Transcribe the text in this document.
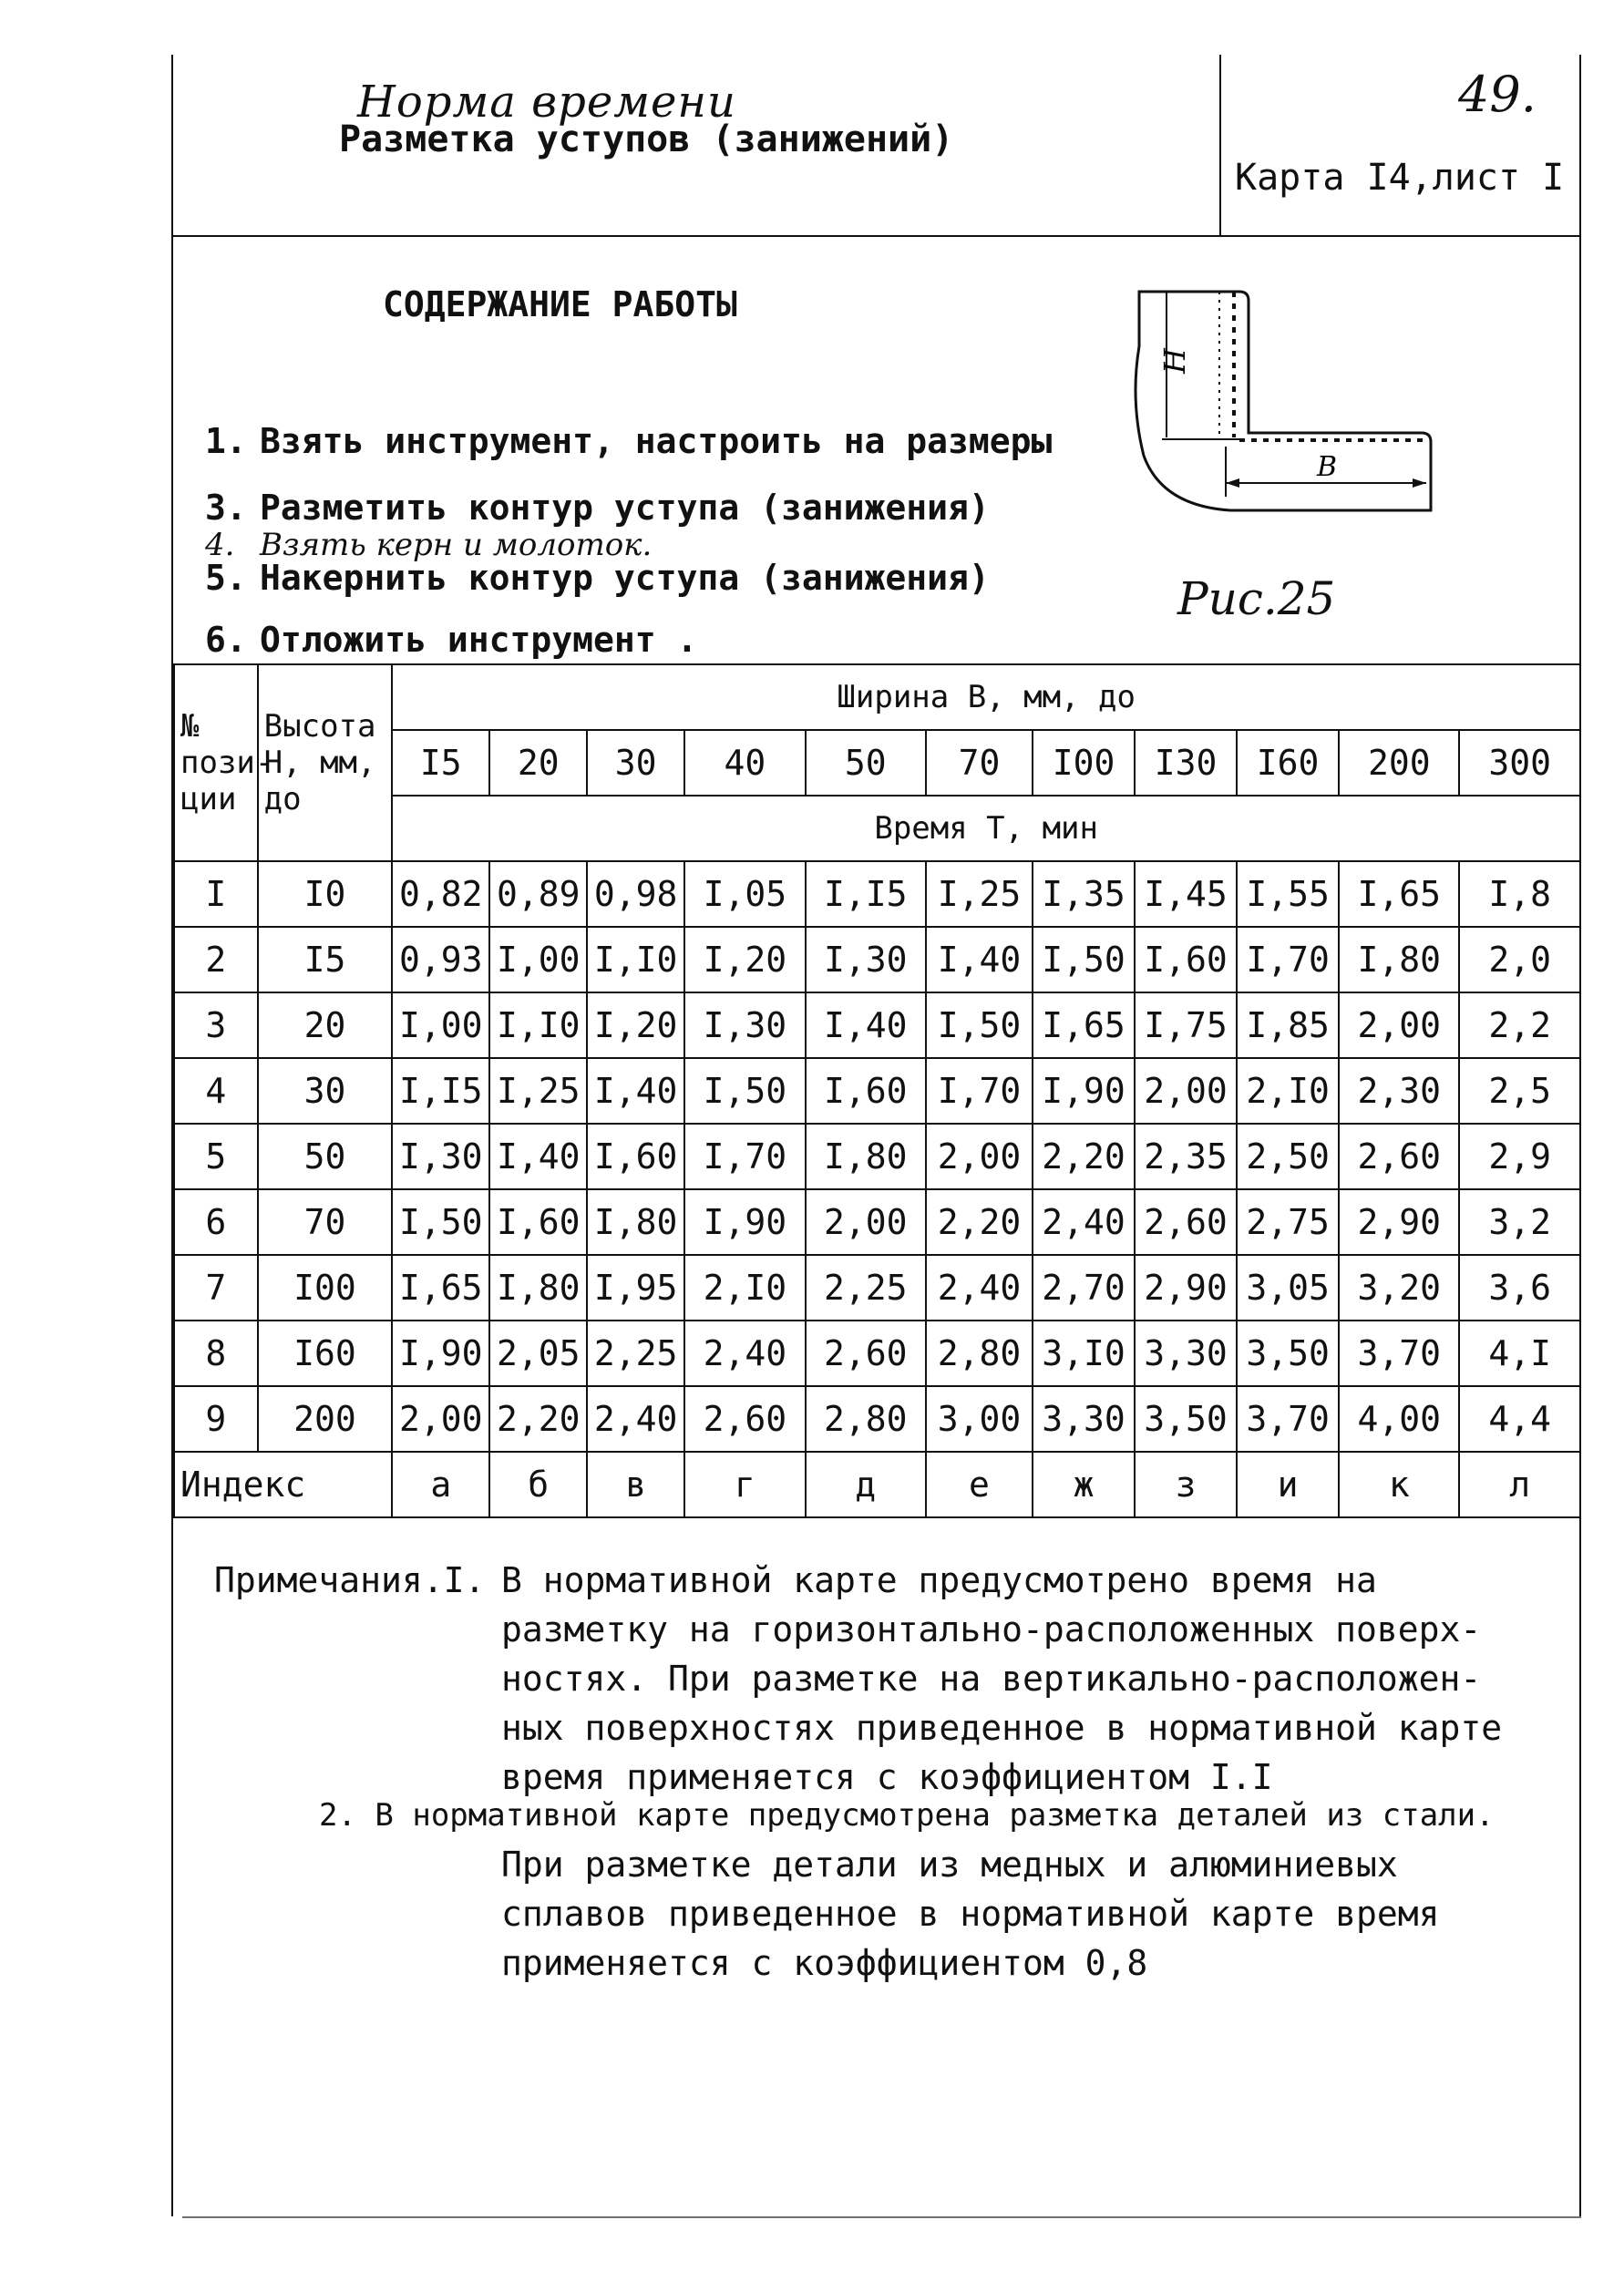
49.
Норма времени
Разметка уступов (занижений)
Карта I4,лист I
СОДЕРЖАНИЕ РАБОТЫ
1. Взять инструмент, настроить на размеры
3. Разметить контур уступа (занижения)
4. Взять керн и молоток.
5. Накернить контур уступа (занижения)
6. Отложить инструмент .
H
B
Рис.25
№ пози-ции	Высота H, мм, до	Ширина B, мм, до										
		I5	20	30	40	50	70	I00	I30	I60	200	300
		Время T, мин										
I	I0	0,82	0,89	0,98	I,05	I,I5	I,25	I,35	I,45	I,55	I,65	I,8
2	I5	0,93	I,00	I,I0	I,20	I,30	I,40	I,50	I,60	I,70	I,80	2,0
3	20	I,00	I,I0	I,20	I,30	I,40	I,50	I,65	I,75	I,85	2,00	2,2
4	30	I,I5	I,25	I,40	I,50	I,60	I,70	I,90	2,00	2,I0	2,30	2,5
5	50	I,30	I,40	I,60	I,70	I,80	2,00	2,20	2,35	2,50	2,60	2,9
6	70	I,50	I,60	I,80	I,90	2,00	2,20	2,40	2,60	2,75	2,90	3,2
7	I00	I,65	I,80	I,95	2,I0	2,25	2,40	2,70	2,90	3,05	3,20	3,6
8	I60	I,90	2,05	2,25	2,40	2,60	2,80	3,I0	3,30	3,50	3,70	4,I
9	200	2,00	2,20	2,40	2,60	2,80	3,00	3,30	3,50	3,70	4,00	4,4
Индекс		а	б	в	г	д	е	ж	з	и	к	л
Примечания.I. В нормативной карте предусмотрено время на
разметку на горизонтально-расположенных поверх-
ностях. При разметке на вертикально-расположен-
ных поверхностях приведенное в нормативной карте
время применяется с коэффициентом I.I
2. В нормативной карте предусмотрена разметка деталей из стали.
При разметке детали из медных и алюминиевых
сплавов приведенное в нормативной карте время
применяется с коэффициентом 0,8
